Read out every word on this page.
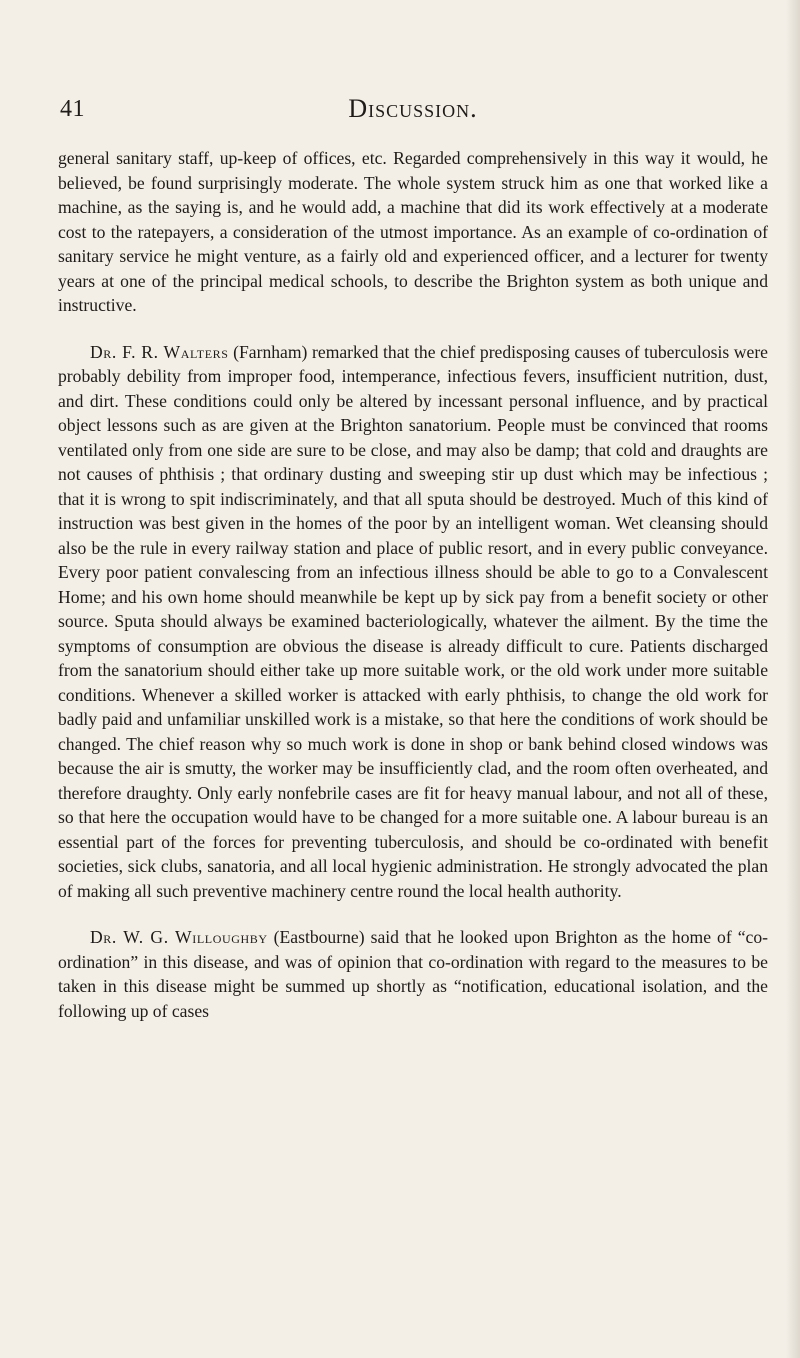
41	Discussion.

general sanitary staff, up-keep of offices, etc. Regarded comprehensively in this way it would, he believed, be found surprisingly moderate. The whole system struck him as one that worked like a machine, as the saying is, and he would add, a machine that did its work effectively at a moderate cost to the ratepayers, a consideration of the utmost importance. As an example of co-ordination of sanitary service he might venture, as a fairly old and experienced officer, and a lecturer for twenty years at one of the principal medical schools, to describe the Brighton system as both unique and instructive.

Dr. F. R. Walters (Farnham) remarked that the chief predisposing causes of tuberculosis were probably debility from improper food, intemperance, infectious fevers, insufficient nutrition, dust, and dirt. These conditions could only be altered by incessant personal influence, and by practical object lessons such as are given at the Brighton sanatorium. People must be convinced that rooms ventilated only from one side are sure to be close, and may also be damp; that cold and draughts are not causes of phthisis ; that ordinary dusting and sweeping stir up dust which may be infectious ; that it is wrong to spit indiscriminately, and that all sputa should be destroyed. Much of this kind of instruction was best given in the homes of the poor by an intelligent woman. Wet cleansing should also be the rule in every railway station and place of public resort, and in every public conveyance. Every poor patient convalescing from an infectious illness should be able to go to a Convalescent Home; and his own home should meanwhile be kept up by sick pay from a benefit society or other source. Sputa should always be examined bacteriologically, whatever the ailment. By the time the symptoms of consumption are obvious the disease is already difficult to cure. Patients discharged from the sanatorium should either take up more suitable work, or the old work under more suitable conditions. Whenever a skilled worker is attacked with early phthisis, to change the old work for badly paid and unfamiliar unskilled work is a mistake, so that here the conditions of work should be changed. The chief reason why so much work is done in shop or bank behind closed windows was because the air is smutty, the worker may be insufficiently clad, and the room often overheated, and therefore draughty. Only early nonfebrile cases are fit for heavy manual labour, and not all of these, so that here the occupation would have to be changed for a more suitable one. A labour bureau is an essential part of the forces for preventing tuberculosis, and should be co-ordinated with benefit societies, sick clubs, sanatoria, and all local hygienic administration. He strongly advocated the plan of making all such preventive machinery centre round the local health authority.

Dr. W. G. Willoughby (Eastbourne) said that he looked upon Brighton as the home of “co-ordination” in this disease, and was of opinion that co-ordination with regard to the measures to be taken in this disease might be summed up shortly as “notification, educational isolation, and the following up of cases
